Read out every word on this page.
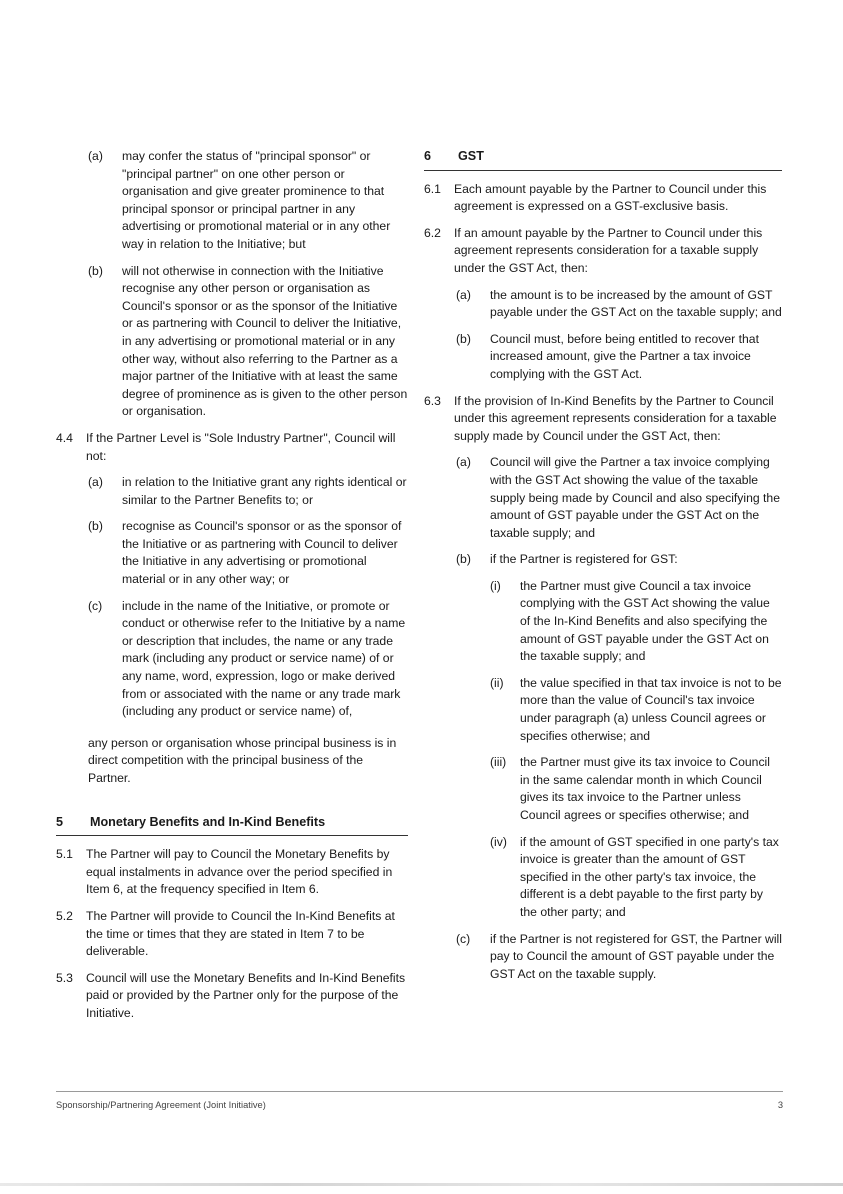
(a)	may confer the status of "principal sponsor" or "principal partner" on one other person or organisation and give greater prominence to that principal sponsor or principal partner in any advertising or promotional material or in any other way in relation to the Initiative; but
(b)	will not otherwise in connection with the Initiative recognise any other person or organisation as Council's sponsor or as the sponsor of the Initiative or as partnering with Council to deliver the Initiative, in any advertising or promotional material or in any other way, without also referring to the Partner as a major partner of the Initiative with at least the same degree of prominence as is given to the other person or organisation.
4.4	If the Partner Level is "Sole Industry Partner", Council will not:
(a)	in relation to the Initiative grant any rights identical or similar to the Partner Benefits to; or
(b)	recognise as Council's sponsor or as the sponsor of the Initiative or as partnering with Council to deliver the Initiative in any advertising or promotional material or in any other way; or
(c)	include in the name of the Initiative, or promote or conduct or otherwise refer to the Initiative by a name or description that includes, the name or any trade mark (including any product or service name) of or any name, word, expression, logo or make derived from or associated with the name or any trade mark (including any product or service name) of,
any person or organisation whose principal business is in direct competition with the principal business of the Partner.
5	Monetary Benefits and In-Kind Benefits
5.1	The Partner will pay to Council the Monetary Benefits by equal instalments in advance over the period specified in Item 6, at the frequency specified in Item 6.
5.2	The Partner will provide to Council the In-Kind Benefits at the time or times that they are stated in Item 7 to be deliverable.
5.3	Council will use the Monetary Benefits and In-Kind Benefits paid or provided by the Partner only for the purpose of the Initiative.
6	GST
6.1	Each amount payable by the Partner to Council under this agreement is expressed on a GST-exclusive basis.
6.2	If an amount payable by the Partner to Council under this agreement represents consideration for a taxable supply under the GST Act, then:
(a)	the amount is to be increased by the amount of GST payable under the GST Act on the taxable supply; and
(b)	Council must, before being entitled to recover that increased amount, give the Partner a tax invoice complying with the GST Act.
6.3	If the provision of In-Kind Benefits by the Partner to Council under this agreement represents consideration for a taxable supply made by Council under the GST Act, then:
(a)	Council will give the Partner a tax invoice complying with the GST Act showing the value of the taxable supply being made by Council and also specifying the amount of GST payable under the GST Act on the taxable supply; and
(b)	if the Partner is registered for GST:
(i)	the Partner must give Council a tax invoice complying with the GST Act showing the value of the In-Kind Benefits and also specifying the amount of GST payable under the GST Act on the taxable supply; and
(ii)	the value specified in that tax invoice is not to be more than the value of Council's tax invoice under paragraph (a) unless Council agrees or specifies otherwise; and
(iii)	the Partner must give its tax invoice to Council in the same calendar month in which Council gives its tax invoice to the Partner unless Council agrees or specifies otherwise; and
(iv)	if the amount of GST specified in one party's tax invoice is greater than the amount of GST specified in the other party's tax invoice, the different is a debt payable to the first party by the other party; and
(c)	if the Partner is not registered for GST, the Partner will pay to Council the amount of GST payable under the GST Act on the taxable supply.
Sponsorship/Partnering Agreement (Joint Initiative)	3
